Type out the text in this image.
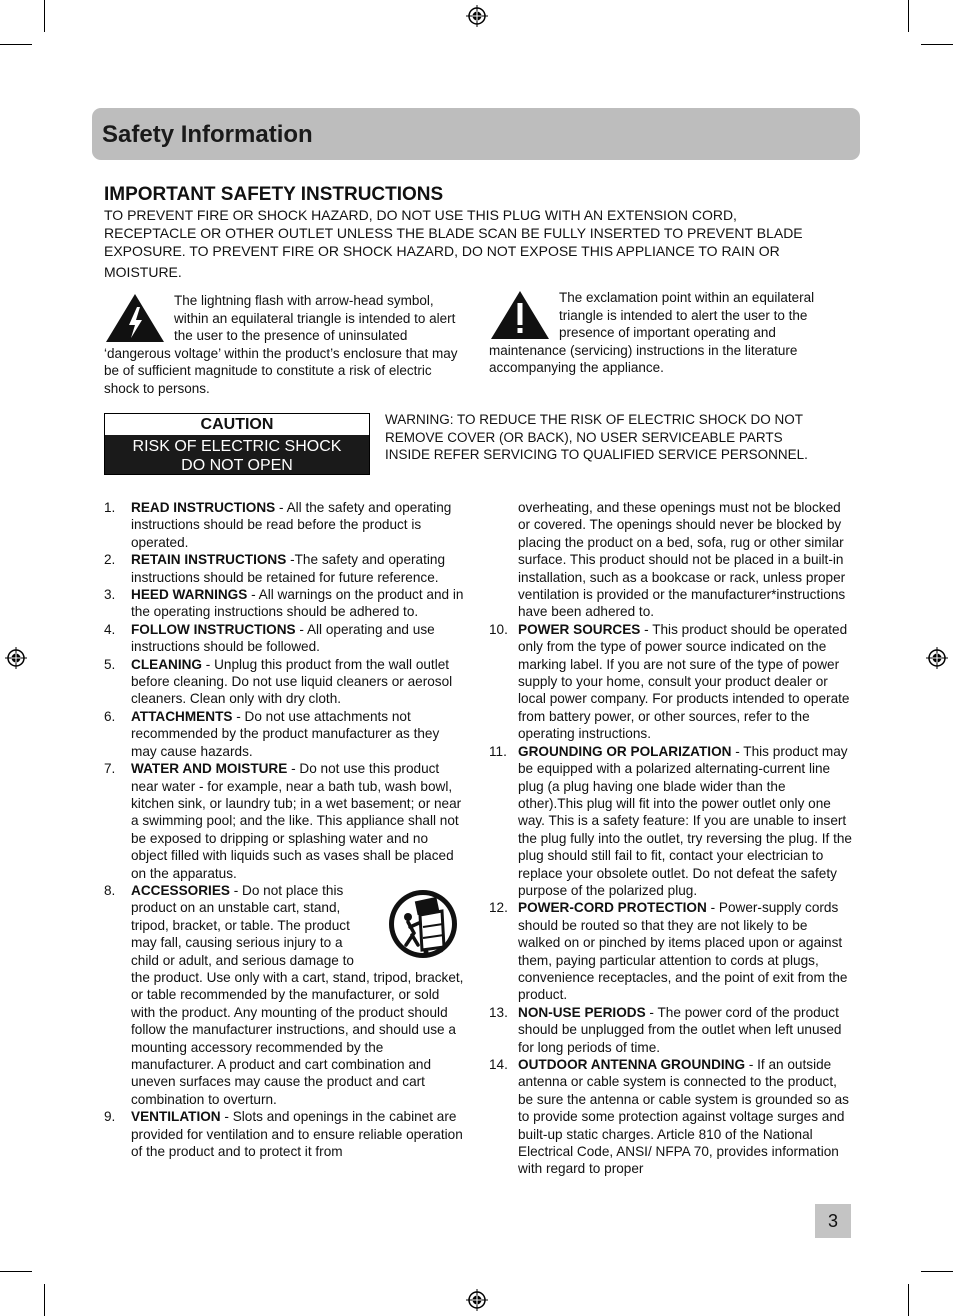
Safety Information
IMPORTANT SAFETY INSTRUCTIONS

TO PREVENT FIRE OR SHOCK HAZARD, DO NOT USE THIS PLUG WITH AN EXTENSION CORD,
RECEPTACLE OR OTHER OUTLET UNLESS THE BLADE SCAN BE FULLY INSERTED TO PREVENT BLADE
EXPOSURE. TO PREVENT FIRE OR SHOCK HAZARD, DO NOT EXPOSE THIS APPLIANCE TO RAIN OR
MOISTURE.

The lightning flash with arrow-head symbol, within an equilateral triangle is intended to alert the user to the presence of uninsulated ‘dangerous voltage’ within the product’s enclosure that may be of sufficient magnitude to constitute a risk of electric shock to persons.

The exclamation point within an equilateral triangle is intended to alert the user to the presence of important operating and maintenance (servicing) instructions in the literature accompanying the appliance.

CAUTION
RISK OF ELECTRIC SHOCK
DO NOT OPEN

WARNING: TO REDUCE THE RISK OF ELECTRIC SHOCK DO NOT
REMOVE COVER (OR BACK), NO USER SERVICEABLE PARTS
INSIDE REFER SERVICING TO QUALIFIED SERVICE PERSONNEL.

1. READ INSTRUCTIONS - All the safety and operating instructions should be read before the product is operated.

2. RETAIN INSTRUCTIONS -The safety and operating instructions should be retained for future reference.

3. HEED WARNINGS - All warnings on the product and in the operating instructions should be adhered to.

4. FOLLOW INSTRUCTIONS - All operating and use instructions should be followed.

5. CLEANING - Unplug this product from the wall outlet before cleaning. Do not use liquid cleaners or aerosol cleaners. Clean only with dry cloth.

6. ATTACHMENTS - Do not use attachments not recommended by the product manufacturer as they may cause hazards.

7. WATER AND MOISTURE - Do not use this product near water - for example, near a bath tub, wash bowl, kitchen sink, or laundry tub; in a wet basement; or near a swimming pool; and the like. This appliance shall not be exposed to dripping or splashing water and no object filled with liquids such as vases shall be placed on the apparatus.

8. ACCESSORIES - Do not place this product on an unstable cart, stand, tripod, bracket, or table. The product may fall, causing serious injury to a child or adult, and serious damage to the product. Use only with a cart, stand, tripod, bracket, or table recommended by the manufacturer, or sold with the product. Any mounting of the product should follow the manufacturer instructions, and should use a mounting accessory recommended by the manufacturer. A product and cart combination and uneven surfaces may cause the product and cart combination to overturn.

9. VENTILATION - Slots and openings in the cabinet are provided for ventilation and to ensure reliable operation of the product and to protect it from

overheating, and these openings must not be blocked or covered. The openings should never be blocked by placing the product on a bed, sofa, rug or other similar surface. This product should not be placed in a built-in installation, such as a bookcase or rack, unless proper ventilation is provided or the manufacturer*instructions have been adhered to.

10. POWER SOURCES - This product should be operated only from the type of power source indicated on the marking label. If you are not sure of the type of power supply to your home, consult your product dealer or local power company. For products intended to operate from battery power, or other sources, refer to the operating instructions.

11. GROUNDING OR POLARIZATION - This product may be equipped with a polarized alternating-current line plug (a plug having one blade wider than the other).This plug will fit into the power outlet only one way. This is a safety feature: If you are unable to insert the plug fully into the outlet, try reversing the plug. If the plug should still fail to fit, contact your electrician to replace your obsolete outlet. Do not defeat the safety purpose of the polarized plug.

12. POWER-CORD PROTECTION - Power-supply cords should be routed so that they are not likely to be walked on or pinched by items placed upon or against them, paying particular attention to cords at plugs, convenience receptacles, and the point of exit from the product.

13. NON-USE PERIODS - The power cord of the product should be unplugged from the outlet when left unused for long periods of time.

14. OUTDOOR ANTENNA GROUNDING - If an outside antenna or cable system is connected to the product, be sure the antenna or cable system is grounded so as to provide some protection against voltage surges and built-up static charges. Article 810 of the National Electrical Code, ANSI/ NFPA 70, provides information with regard to proper

3
